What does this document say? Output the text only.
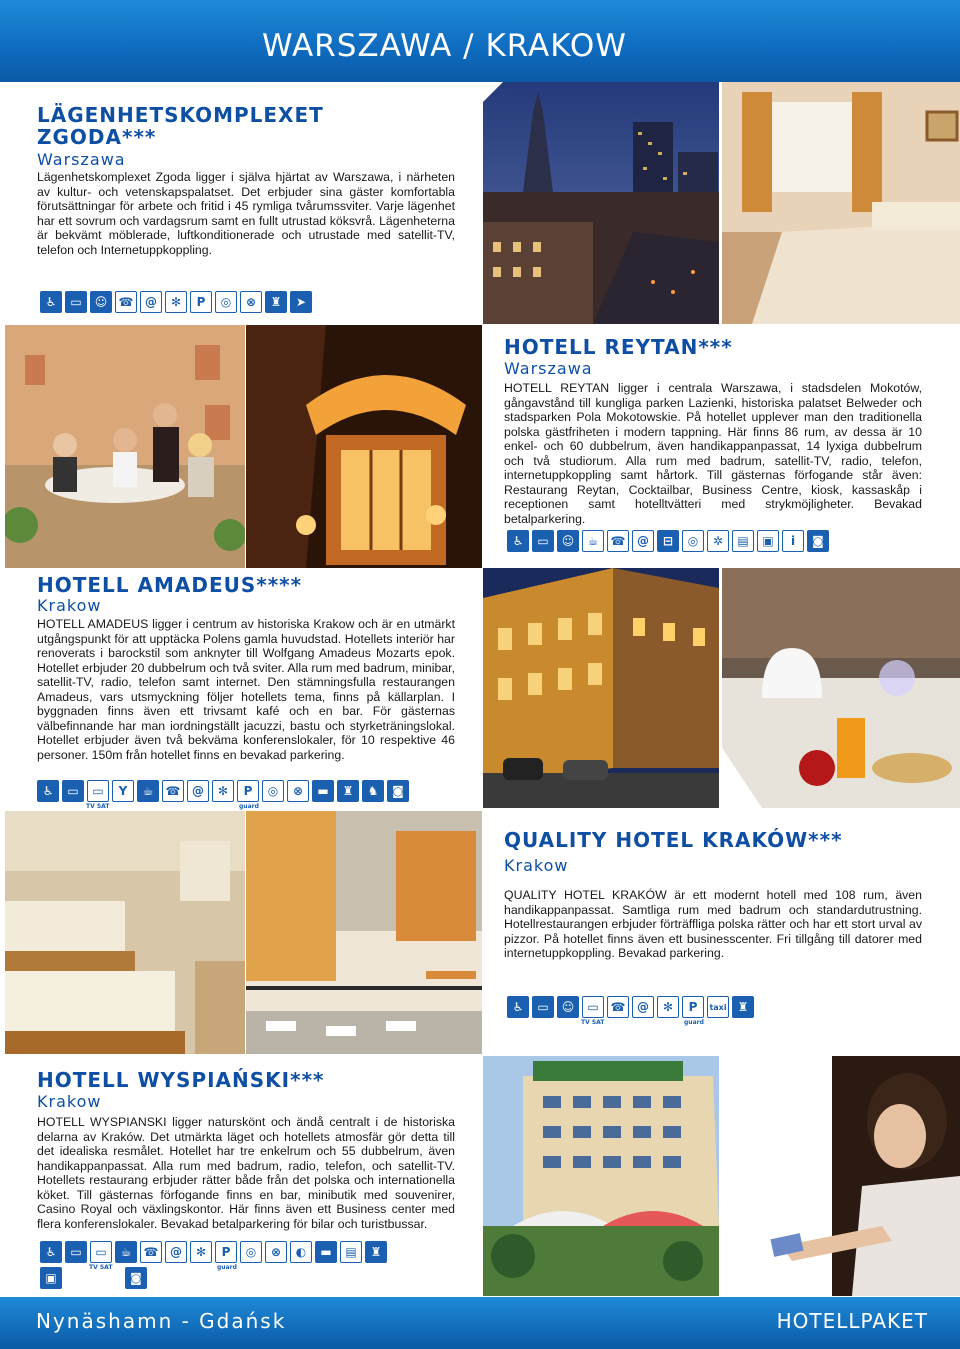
WARSZAWA / KRAKOW
LÄGENHETSKOMPLEXET
ZGODA***
Warszawa
Lägenhetskomplexet Zgoda ligger i själva hjärtat av Warszawa, i närheten av kultur- och vetenskapspalatset. Det erbjuder sina gäster komfortabla förutsättningar för arbete och fritid i 45 rymliga tvårumssviter. Varje lägenhet har ett sovrum och vardagsrum samt en fullt utrustad köksvrå. Lägenheterna är bekvämt möblerade, luftkonditionerade och utrustade med satellit-TV, telefon och Internetuppkoppling.
♿	▭	☺ ☎ @	✻	P	◎	⊗	♜	➤
HOTELL REYTAN***
Warszawa
HOTELL REYTAN ligger i centrala Warszawa, i stadsdelen Mokotów, gångavstånd till kungliga parken Lazienki, historiska palatset Belweder och stadsparken Pola Mokotowskie. På hotellet upplever man den traditionella polska gästfriheten i modern tappning. Här finns 86 rum, av dessa är 10 enkel- och 60 dubbelrum, även handikappanpassat, 14 lyxiga dubbelrum och två studiorum. Alla rum med badrum, satellit-TV, radio, telefon, internetuppkoppling samt hårtork. Till gästernas förfogande står även: Restaurang Reytan, Cocktailbar, Business Centre, kiosk, kassaskåp i receptionen samt hotelltvätteri med strykmöjligheter. Bevakad betalparkering.
♿	▭	☺	☕	☎ @	⊟	◎	✲	▤	▣	i	◙
HOTELL AMADEUS****
Krakow
HOTELL AMADEUS ligger i centrum av historiska Krakow och är en utmärkt utgångspunkt för att upptäcka Polens gamla huvudstad. Hotellets interiör har renoverats i barockstil som anknyter till Wolfgang Amadeus Mozarts epok. Hotellet erbjuder 20 dubbelrum och två sviter. Alla rum med badrum, minibar, satellit-TV, radio, telefon samt internet. Den stämningsfulla restaurangen Amadeus, vars utsmyckning följer hotellets tema, finns på källarplan. I byggnaden finns även ett trivsamt kafé och en bar. För gästernas välbefinnande har man iordningställt jacuzzi, bastu och styrketräningslokal. Hotellet erbjuder även två bekväma konferenslokaler, för 10 respektive 46 personer. 150m från hotellet finns en bevakad parkering.
♿	▭	▭
TV SAT
Y	☕	☎ @	✻	P
guard
◎	⊗	▬	♜	♞	◙
QUALITY HOTEL KRAKÓW***
Krakow
QUALITY HOTEL KRAKÓW är ett modernt hotell med 108 rum, även handikappanpassat. Samtliga rum med badrum och standardutrustning. Hotellrestaurangen erbjuder förträffliga polska rätter och har ett stort urval av pizzor. På hotellet finns även ett businesscenter. Fri tillgång till datorer med internetuppkoppling. Bevakad parkering.
♿	▭	☺	▭
TV SAT
☎ @	✻	P
guard
taxi ♜
HOTELL WYSPIAŃSKI***
Krakow
HOTELL WYSPIANSKI ligger naturskönt och ändå centralt i de historiska delarna av Kraków. Det utmärkta läget och hotellets atmosfär gör detta till det idealiska resmålet. Hotellet har tre enkelrum och 55 dubbelrum, även handikappanpassat. Alla rum med badrum, radio, telefon, och satellit-TV. Hotellets restaurang erbjuder rätter både från det polska och internationella köket. Till gästernas förfogande finns en bar, minibutik med souvenirer, Casino Royal och växlingskontor. Här finns även ett Business center med flera konferenslokaler. Bevakad betalparkering för bilar och turistbussar.
♿	▭	▭
TV SAT
☕	☎ @	✻	P
guard
◎	⊗	◐	▬	▤	♜
▣	◙
Nynäshamn - Gdańsk	HOTELLPAKET
